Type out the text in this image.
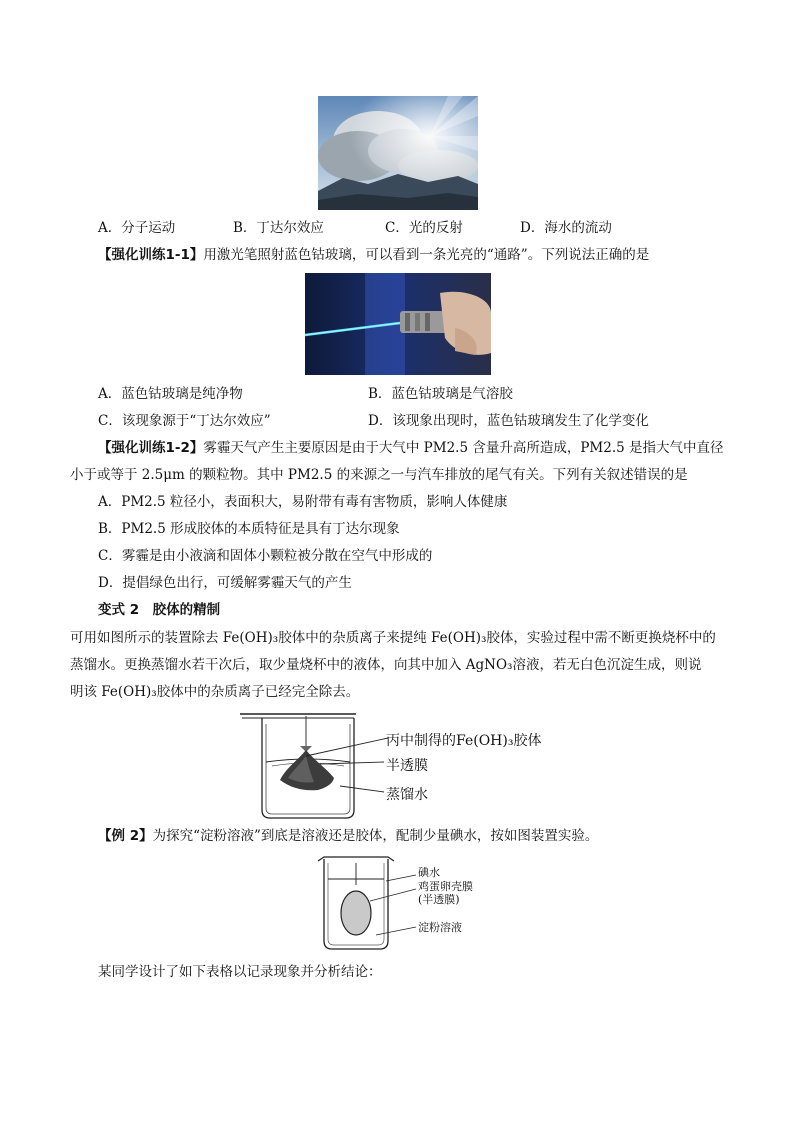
A．分子运动	B．丁达尔效应	C．光的反射	D．海水的流动
【强化训练1-1】用激光笔照射蓝色钴玻璃，可以看到一条光亮的“通路”。下列说法正确的是
A．蓝色钴玻璃是纯净物	B．蓝色钴玻璃是气溶胶
C．该现象源于“丁达尔效应”	D．该现象出现时，蓝色钴玻璃发生了化学变化
【强化训练1-2】雾霾天气产生主要原因是由于大气中 PM2.5 含量升高所造成，PM2.5 是指大气中直径
小于或等于 2.5μm 的颗粒物。其中 PM2.5 的来源之一与汽车排放的尾气有关。下列有关叙述错误的是
A．PM2.5 粒径小，表面积大，易附带有毒有害物质，影响人体健康
B．PM2.5 形成胶体的本质特征是具有丁达尔现象
C．雾霾是由小液滴和固体小颗粒被分散在空气中形成的
D．提倡绿色出行，可缓解雾霾天气的产生
变式 2　胶体的精制
可用如图所示的装置除去 Fe(OH)₃胶体中的杂质离子来提纯 Fe(OH)₃胶体，实验过程中需不断更换烧杯中的
蒸馏水。更换蒸馏水若干次后，取少量烧杯中的液体，向其中加入 AgNO₃溶液，若无白色沉淀生成，则说
明该 Fe(OH)₃胶体中的杂质离子已经完全除去。
丙中制得的Fe(OH)₃胶体
半透膜
蒸馏水
【例 2】为探究“淀粉溶液”到底是溶液还是胶体，配制少量碘水，按如图装置实验。
碘水
鸡蛋卵壳膜
(半透膜)
淀粉溶液
某同学设计了如下表格以记录现象并分析结论：
